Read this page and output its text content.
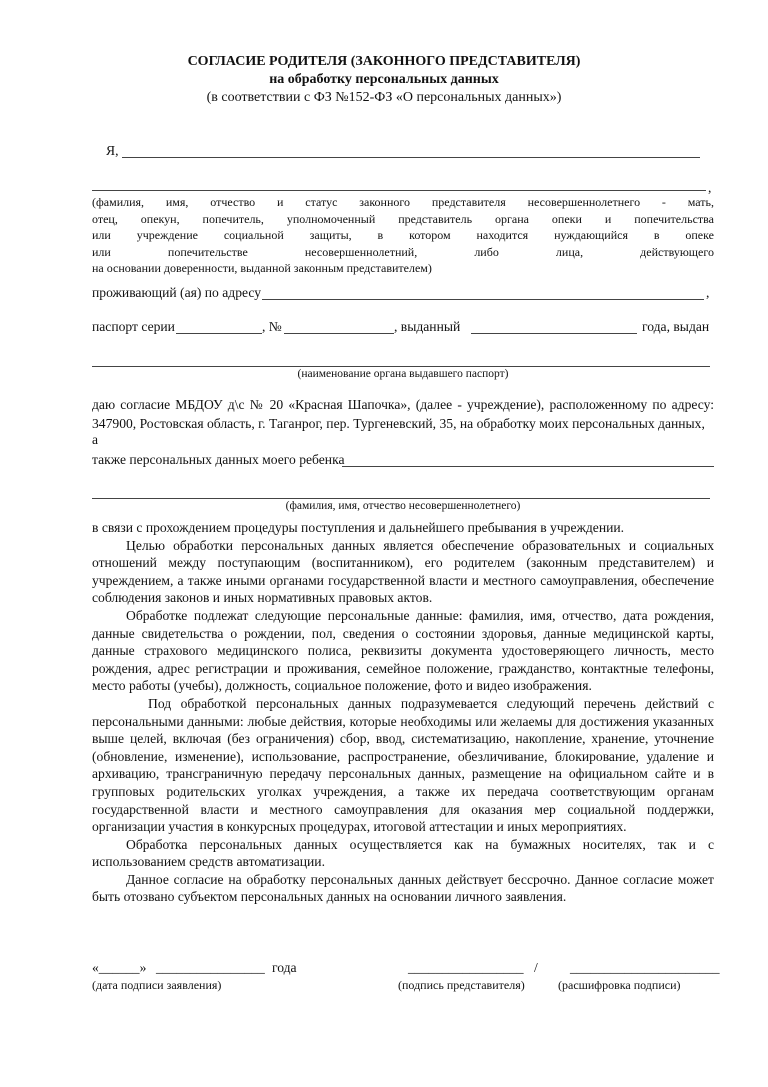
СОГЛАСИЕ РОДИТЕЛЯ (ЗАКОННОГО ПРЕДСТАВИТЕЛЯ)
на обработку персональных данных
(в соответствии с ФЗ №152-ФЗ «О персональных данных»)
Я,
,
(фамилия, имя, отчество и статус законного представителя несовершеннолетнего - мать,
отец, опекун, попечитель, уполномоченный представитель органа опеки и попечительства
или учреждение социальной защиты, в котором находится нуждающийся в опеке
или попечительстве несовершеннолетний, либо лица, действующего
на основании доверенности, выданной законным представителем)
проживающий (ая) по адресу	,
паспорт серии	, №	, выданный	года, выдан
(наименование органа выдавшего паспорт)
даю согласие МБДОУ д\с № 20 «Красная Шапочка», (далее - учреждение), расположенному по адресу:
347900, Ростовская область, г. Таганрог, пер. Тургеневский, 35, на обработку моих персональных данных, а
также персональных данных моего ребенка
(фамилия, имя, отчество несовершеннолетнего)

в связи с прохождением процедуры поступления и дальнейшего пребывания в учреждении.

Целью обработки персональных данных является обеспечение образовательных и социальных отношений между поступающим (воспитанником), его родителем (законным представителем) и учреждением, а также иными органами государственной власти и местного самоуправления, обеспечение соблюдения законов и иных нормативных правовых актов.

Обработке подлежат следующие персональные данные: фамилия, имя, отчество, дата рождения, данные свидетельства о рождении, пол, сведения о состоянии здоровья, данные медицинской карты, данные страхового медицинского полиса, реквизиты документа удостоверяющего личность, место рождения, адрес регистрации и проживания, семейное положение, гражданство, контактные телефоны, место работы (учебы), должность, социальное положение, фото и видео изображения.

Под обработкой персональных данных подразумевается следующий перечень действий с персональными данными: любые действия, которые необходимы или желаемы для достижения указанных выше целей, включая (без ограничения) сбор, ввод, систематизацию, накопление, хранение, уточнение (обновление, изменение), использование, распространение, обезличивание, блокирование, удаление и архивацию, трансграничную передачу персональных данных, размещение на официальном сайте и в групповых родительских уголках учреждения, а также их передача соответствующим органам государственной власти и местного самоуправления для оказания мер социальной поддержки, организации участия в конкурсных процедурах, итоговой аттестации и иных мероприятиях.

Обработка персональных данных осуществляется как на бумажных носителях, так и с использованием средств автоматизации.

Данное согласие на обработку персональных данных действует бессрочно. Данное согласие может быть отозвано субъектом персональных данных на основании личного заявления.

«______» ________________ года	_________________ / ______________________
(дата подписи заявления)	(подпись представителя)	(расшифровка подписи)
